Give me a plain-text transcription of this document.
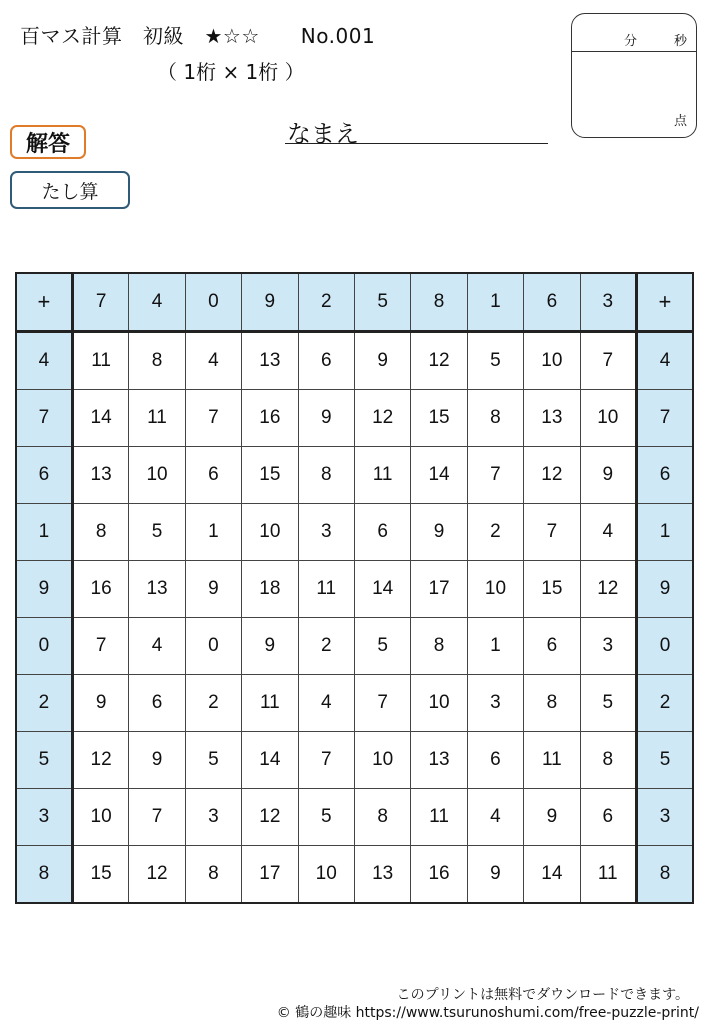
百マス計算　初級　★☆☆　　No.001
（ 1桁 × 1桁 ）
なまえ
分	秒
点
解答
たし算
+	7	4	0	9	2	5	8	1	6	3	+
4	11	8	4	13	6	9	12	5	10	7	4
7	14	11	7	16	9	12	15	8	13	10	7
6	13	10	6	15	8	11	14	7	12	9	6
1	8	5	1	10	3	6	9	2	7	4	1
9	16	13	9	18	11	14	17	10	15	12	9
0	7	4	0	9	2	5	8	1	6	3	0
2	9	6	2	11	4	7	10	3	8	5	2
5	12	9	5	14	7	10	13	6	11	8	5
3	10	7	3	12	5	8	11	4	9	6	3
8	15	12	8	17	10	13	16	9	14	11	8
このプリントは無料でダウンロードできます。
© 鶴の趣味 https://www.tsurunoshumi.com/free-puzzle-print/
